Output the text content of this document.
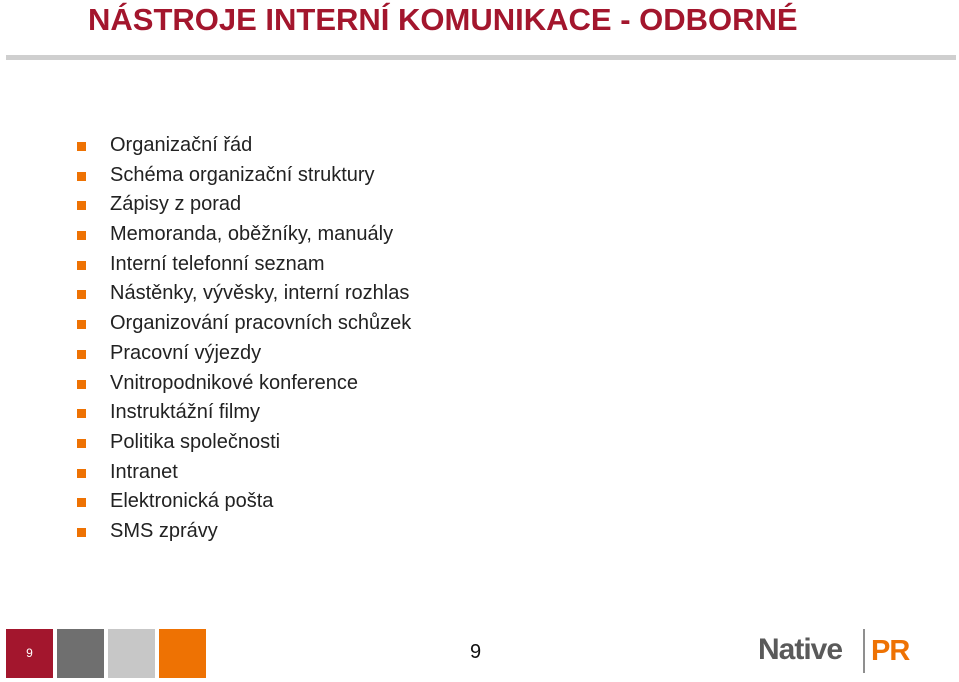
NÁSTROJE INTERNÍ KOMUNIKACE - ODBORNÉ
Organizační řád
Schéma organizační struktury
Zápisy z porad
Memoranda, oběžníky, manuály
Interní telefonní seznam
Nástěnky, vývěsky, interní rozhlas
Organizování pracovních schůzek
Pracovní výjezdy
Vnitropodnikové konference
Instruktážní filmy
Politika společnosti
Intranet
Elektronická pošta
SMS zprávy
9	9	Native PR
